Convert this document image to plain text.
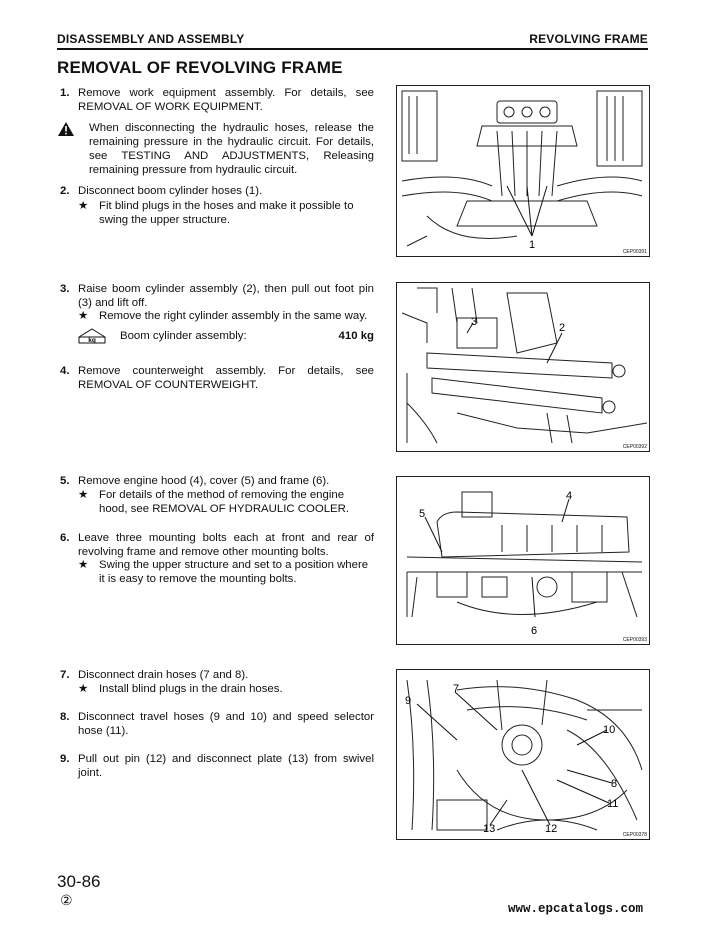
DISASSEMBLY AND ASSEMBLY	REVOLVING FRAME
REMOVAL OF REVOLVING FRAME
1. Remove work equipment assembly. For details, see REMOVAL OF WORK EQUIPMENT.
When disconnecting the hydraulic hoses, release the remaining pressure in the hydraulic circuit. For details, see TESTING AND ADJUSTMENTS, Releasing remaining pressure from hydraulic circuit.
2. Disconnect boom cylinder hoses (1).
★ Fit blind plugs in the hoses and make it possible to swing the upper structure.
3. Raise boom cylinder assembly (2), then pull out foot pin (3) and lift off.
★ Remove the right cylinder assembly in the same way.
kg Boom cylinder assembly:	410 kg
4. Remove counterweight assembly. For details, see REMOVAL OF COUNTERWEIGHT.
5. Remove engine hood (4), cover (5) and frame (6).
★ For details of the method of removing the engine hood, see REMOVAL OF HYDRAULIC COOLER.
6. Leave three mounting bolts each at front and rear of revolving frame and remove other mounting bolts.
★ Swing the upper structure and set to a position where it is easy to remove the mounting bolts.
7. Disconnect drain hoses (7 and 8).
★ Install blind plugs in the drain hoses.
8. Disconnect travel hoses (9 and 10) and speed selector hose (11).
9. Pull out pin (12) and disconnect plate (13) from swivel joint.
1
CEP00391
3	2
CEP00392
5
4
6
CEP00393
9
7
10
8
11
13	12	CEP00378
30-86
②
www.epcatalogs.com
